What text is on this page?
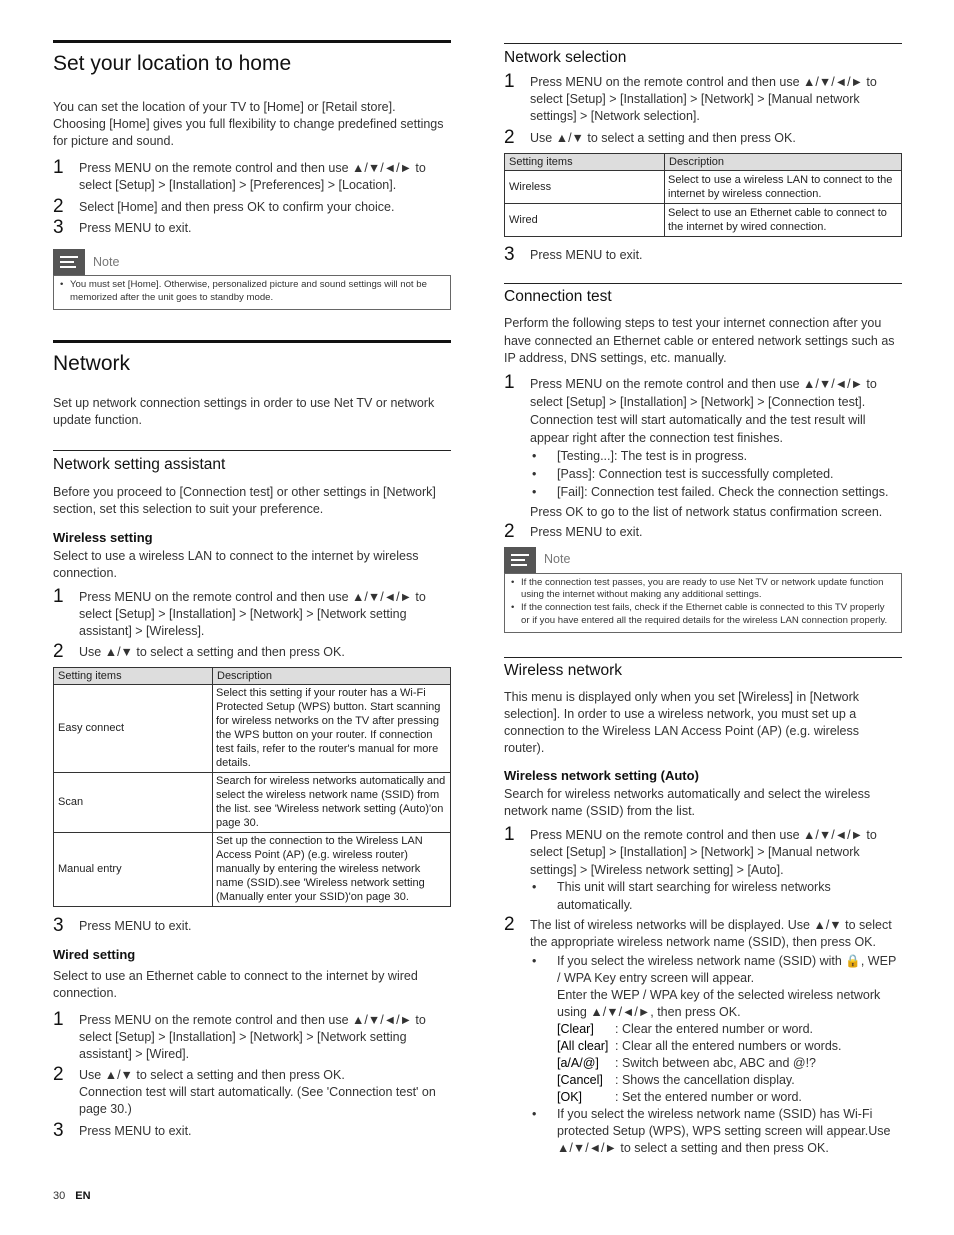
Set your location to home

You can set the location of your TV to [Home] or [Retail store]. Choosing [Home] gives you full flexibility to change predefined settings for picture and sound.

1 Press MENU on the remote control and then use ▲/▼/◄/► to select [Setup] > [Installation] > [Preferences] > [Location].
2 Select [Home] and then press OK to confirm your choice.
3 Press MENU to exit.
Note
• You must set [Home]. Otherwise, personalized picture and sound settings will not be memorized after the unit goes to standby mode.
Network

Set up network connection settings in order to use Net TV or network update function.

Network setting assistant

Before you proceed to [Connection test] or other settings in [Network] section, set this selection to suit your preference.

Wireless setting

Select to use a wireless LAN to connect to the internet by wireless connection.

1 Press MENU on the remote control and then use ▲/▼/◄/► to select [Setup] > [Installation] > [Network] > [Network setting assistant] > [Wireless].
2 Use ▲/▼ to select a setting and then press OK.
Setting items	Description
Easy connect	Select this setting if your router has a Wi-Fi Protected Setup (WPS) button. Start scanning for wireless networks on the TV after pressing the WPS button on your router. If connection test fails, refer to the router's manual for more details.
Scan	Search for wireless networks automatically and select the wireless network name (SSID) from the list. see 'Wireless network setting (Auto)'on page 30.
Manual entry	Set up the connection to the Wireless LAN Access Point (AP) (e.g. wireless router) manually by entering the wireless network name (SSID).see 'Wireless network setting (Manually enter your SSID)'on page 30.
3 Press MENU to exit.
Wired setting

Select to use an Ethernet cable to connect to the internet by wired connection.

1 Press MENU on the remote control and then use ▲/▼/◄/► to select [Setup] > [Installation] > [Network] > [Network setting assistant] > [Wired].
2 Use ▲/▼ to select a setting and then press OK.
Connection test will start automatically. (See 'Connection test' on page 30.)
3 Press MENU to exit.
Network selection
1 Press MENU on the remote control and then use ▲/▼/◄/► to select [Setup] > [Installation] > [Network] > [Manual network settings] > [Network selection].
2 Use ▲/▼ to select a setting and then press OK.
Setting items	Description
Wireless	Select to use a wireless LAN to connect to the internet by wireless connection.
Wired	Select to use an Ethernet cable to connect to the internet by wired connection.
3 Press MENU to exit.
Connection test

Perform the following steps to test your internet connection after you have connected an Ethernet cable or entered network settings such as IP address, DNS settings, etc. manually.

1 Press MENU on the remote control and then use ▲/▼/◄/► to select [Setup] > [Installation] > [Network] > [Connection test].
Connection test will start automatically and the test result will appear right after the connection test finishes.
• [Testing...]: The test is in progress.
• [Pass]: Connection test is successfully completed.
• [Fail]: Connection test failed. Check the connection settings.
Press OK to go to the list of network status confirmation screen.
2 Press MENU to exit.
Note
• If the connection test passes, you are ready to use Net TV or network update function using the internet without making any additional settings.
• If the connection test fails, check if the Ethernet cable is connected to this TV properly or if you have entered all the required details for the wireless LAN connection properly.
Wireless network

This menu is displayed only when you set [Wireless] in [Network selection]. In order to use a wireless network, you must set up a connection to the Wireless LAN Access Point (AP) (e.g. wireless router).

Wireless network setting (Auto)

Search for wireless networks automatically and select the wireless network name (SSID) from the list.

1 Press MENU on the remote control and then use ▲/▼/◄/► to select [Setup] > [Installation] > [Network] > [Manual network settings] > [Wireless network setting] > [Auto].
• This unit will start searching for wireless networks automatically.
2 The list of wireless networks will be displayed. Use ▲/▼ to select the appropriate wireless network name (SSID), then press OK.
• If you select the wireless network name (SSID) with 🔒, WEP / WPA Key entry screen will appear.
Enter the WEP / WPA key of the selected wireless network using ▲/▼/◄/►, then press OK.
[Clear]	: Clear the entered number or word.
[All clear] : Clear all the entered numbers or words.
[a/A/@]	: Switch between abc, ABC and @!?
[Cancel] : Shows the cancellation display.
[OK]	: Set the entered number or word.
• If you select the wireless network name (SSID) has Wi-Fi protected Setup (WPS), WPS setting screen will appear.Use ▲/▼/◄/► to select a setting and then press OK.
30 EN
